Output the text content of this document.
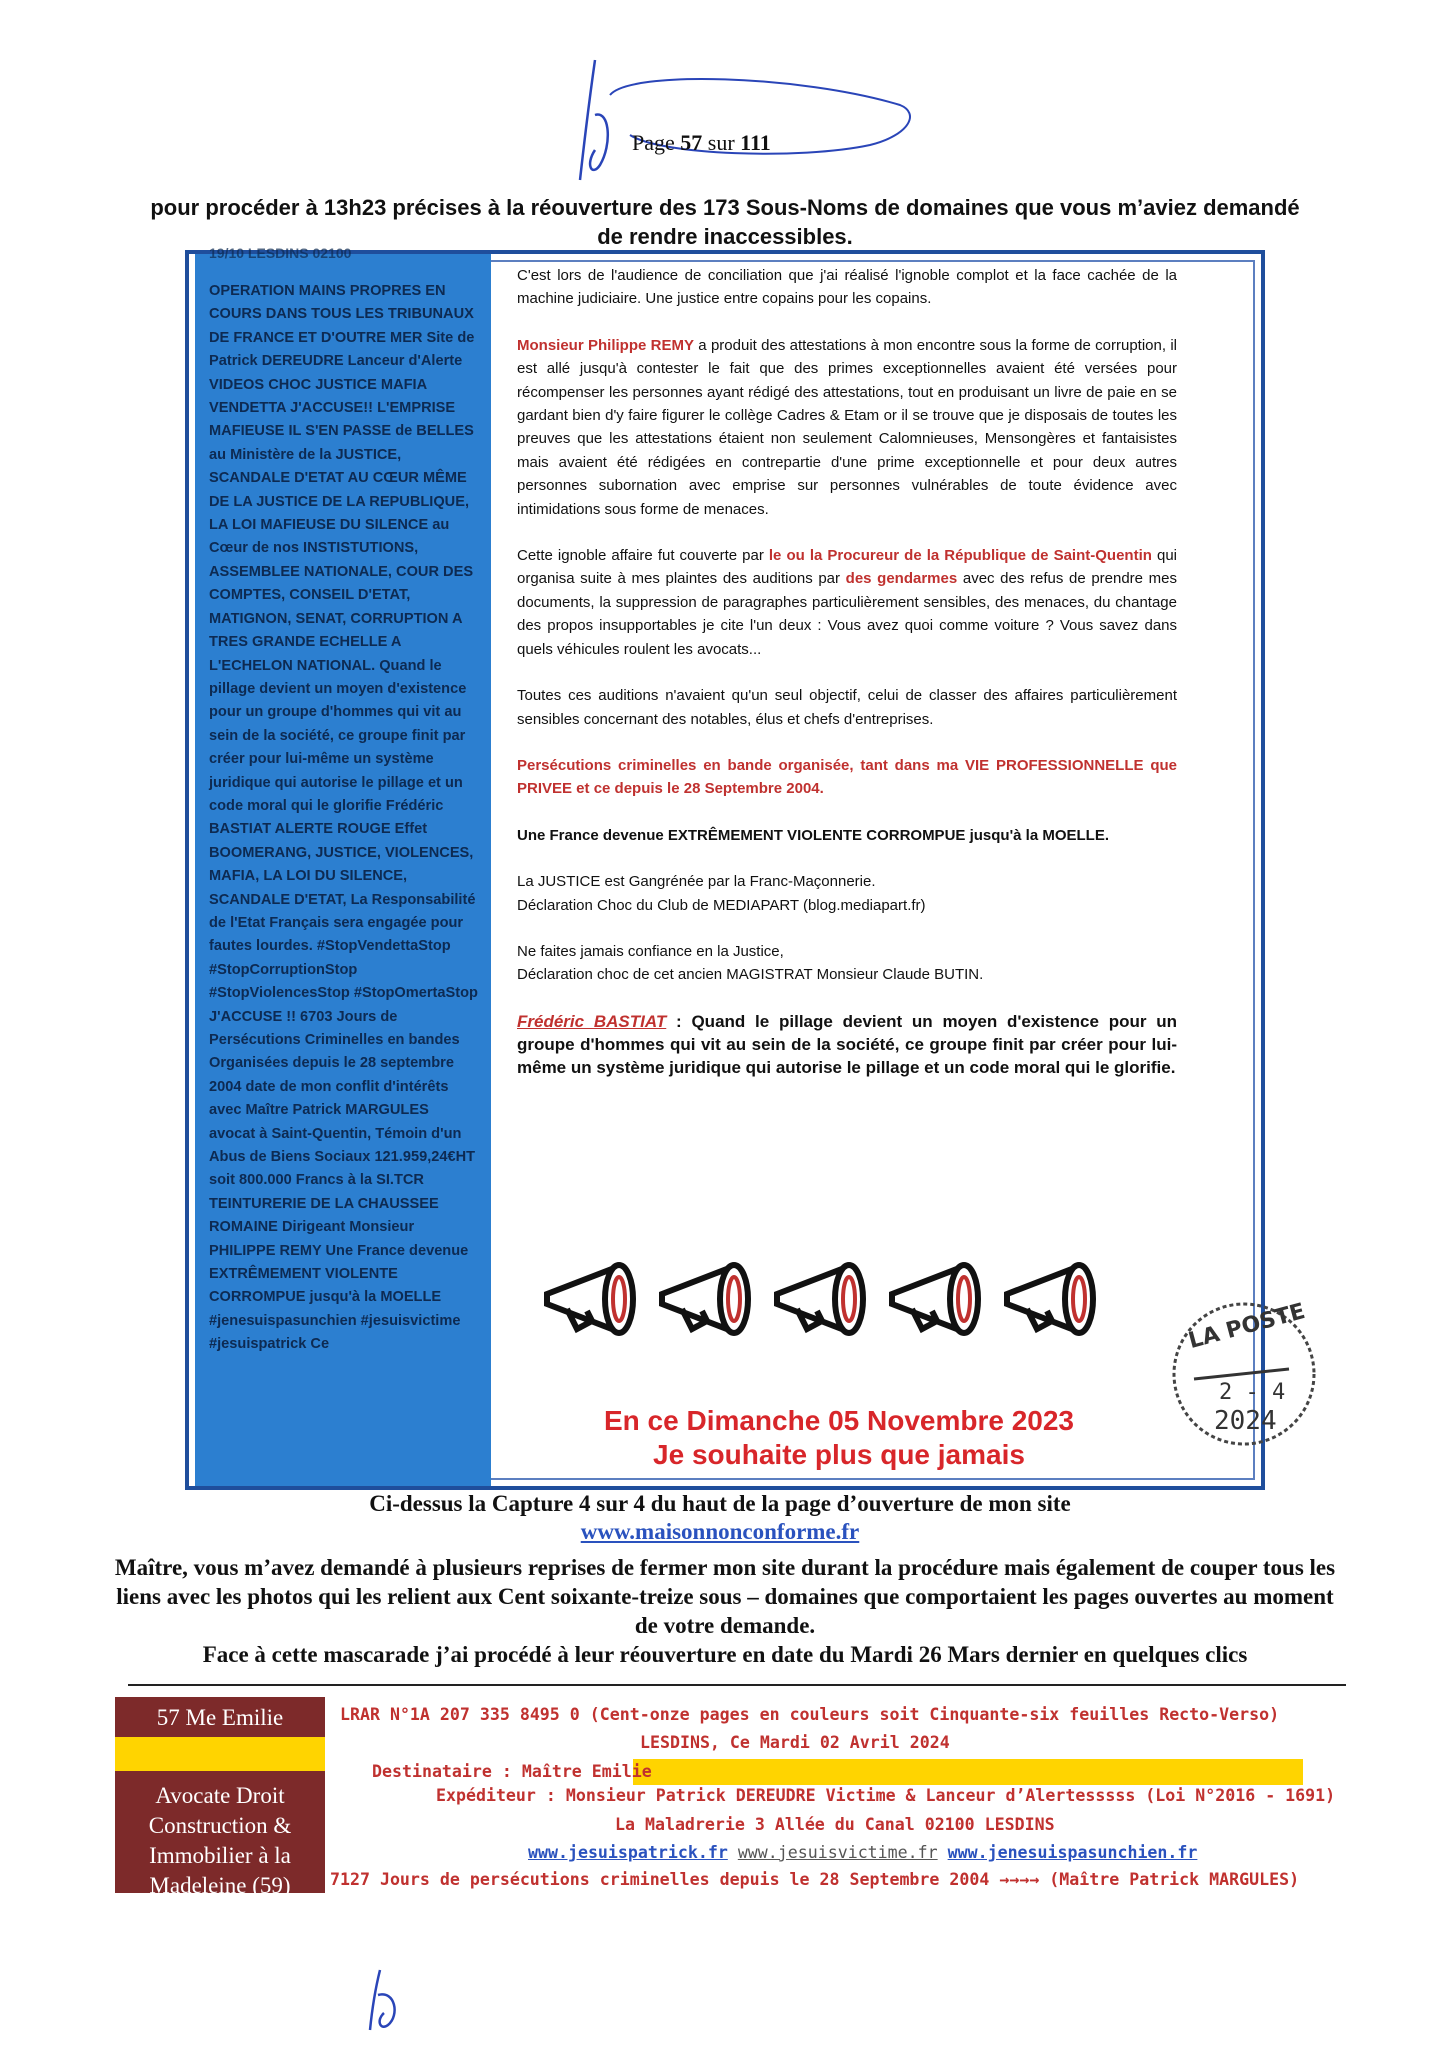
Page 57 sur 111
pour procéder à 13h23 précises à la réouverture des 173 Sous-Noms de domaines que vous m’aviez demandé de rendre inaccessibles.
19/10 LESDINS 02100
OPERATION MAINS PROPRES EN COURS DANS TOUS LES TRIBUNAUX DE FRANCE ET D'OUTRE MER Site de Patrick DEREUDRE Lanceur d'Alerte VIDEOS CHOC JUSTICE MAFIA VENDETTA J'ACCUSE!! L'EMPRISE MAFIEUSE IL S'EN PASSE de BELLES au Ministère de la JUSTICE, SCANDALE D'ETAT AU CŒUR MÊME DE LA JUSTICE DE LA REPUBLIQUE, LA LOI MAFIEUSE DU SILENCE au Cœur de nos INSTISTUTIONS, ASSEMBLEE NATIONALE, COUR DES COMPTES, CONSEIL D'ETAT, MATIGNON, SENAT, CORRUPTION A TRES GRANDE ECHELLE A L'ECHELON NATIONAL. Quand le pillage devient un moyen d'existence pour un groupe d'hommes qui vit au sein de la société, ce groupe finit par créer pour lui-même un système juridique qui autorise le pillage et un code moral qui le glorifie Frédéric BASTIAT ALERTE ROUGE Effet BOOMERANG, JUSTICE, VIOLENCES, MAFIA, LA LOI DU SILENCE, SCANDALE D'ETAT, La Responsabilité de l'Etat Français sera engagée pour fautes lourdes. #StopVendettaStop #StopCorruptionStop #StopViolencesStop #StopOmertaStop J'ACCUSE !! 6703 Jours de Persécutions Criminelles en bandes Organisées depuis le 28 septembre 2004 date de mon conflit d'intérêts avec Maître Patrick MARGULES avocat à Saint-Quentin, Témoin d'un Abus de Biens Sociaux 121.959,24€HT soit 800.000 Francs à la SI.TCR TEINTURERIE DE LA CHAUSSEE ROMAINE Dirigeant Monsieur PHILIPPE REMY Une France devenue EXTRÊMEMENT VIOLENTE CORROMPUE jusqu'à la MOELLE #jenesuispasunchien #jesuisvictime #jesuispatrick Ce

C'est lors de l'audience de conciliation que j'ai réalisé l'ignoble complot et la face cachée de la machine judiciaire. Une justice entre copains pour les copains.

Monsieur Philippe REMY a produit des attestations à mon encontre sous la forme de corruption, il est allé jusqu'à contester le fait que des primes exceptionnelles avaient été versées pour récompenser les personnes ayant rédigé des attestations, tout en produisant un livre de paie en se gardant bien d'y faire figurer le collège Cadres & Etam or il se trouve que je disposais de toutes les preuves que les attestations étaient non seulement Calomnieuses, Mensongères et fantaisistes mais avaient été rédigées en contrepartie d'une prime exceptionnelle et pour deux autres personnes subornation avec emprise sur personnes vulnérables de toute évidence avec intimidations sous forme de menaces.

Cette ignoble affaire fut couverte par le ou la Procureur de la République de Saint-Quentin qui organisa suite à mes plaintes des auditions par des gendarmes avec des refus de prendre mes documents, la suppression de paragraphes particulièrement sensibles, des menaces, du chantage des propos insupportables je cite l'un deux : Vous avez quoi comme voiture ? Vous savez dans quels véhicules roulent les avocats...

Toutes ces auditions n'avaient qu'un seul objectif, celui de classer des affaires particulièrement sensibles concernant des notables, élus et chefs d'entreprises.

Persécutions criminelles en bande organisée, tant dans ma VIE PROFESSIONNELLE que PRIVEE et ce depuis le 28 Septembre 2004.

Une France devenue EXTRÊMEMENT VIOLENTE CORROMPUE jusqu'à la MOELLE.

La JUSTICE est Gangrénée par la Franc-Maçonnerie.
Déclaration Choc du Club de MEDIAPART (blog.mediapart.fr)

Ne faites jamais confiance en la Justice,
Déclaration choc de cet ancien MAGISTRAT Monsieur Claude BUTIN.

Frédéric BASTIAT : Quand le pillage devient un moyen d'existence pour un groupe d'hommes qui vit au sein de la société, ce groupe finit par créer pour lui-même un système juridique qui autorise le pillage et un code moral qui le glorifie.

En ce Dimanche 05 Novembre 2023
Je souhaite plus que jamais
LA POSTE
2 - 4
2024
Ci-dessus la Capture 4 sur 4 du haut de la page d’ouverture de mon site
www.maisonnonconforme.fr
Maître, vous m’avez demandé à plusieurs reprises de fermer mon site durant la procédure mais également de couper tous les liens avec les photos qui les relient aux Cent soixante-treize sous – domaines que comportaient les pages ouvertes au moment de votre demande.
Face à cette mascarade j’ai procédé à leur réouverture en date du Mardi 26 Mars dernier en quelques clics
57 Me Emilie
Avocate Droit Construction & Immobilier à la Madeleine (59)
LRAR N°1A 207 335 8495 0 (Cent-onze pages en couleurs soit Cinquante-six feuilles Recto-Verso)
LESDINS, Ce Mardi 02 Avril 2024
Destinataire : Maître Emilie
Expéditeur : Monsieur Patrick DEREUDRE Victime & Lanceur d’Alertesssss (Loi N°2016 - 1691)
La Maladrerie 3 Allée du Canal 02100 LESDINS
www.jesuispatrick.fr www.jesuisvictime.fr www.jenesuispasunchien.fr
7127 Jours de persécutions criminelles depuis le 28 Septembre 2004 →→→→ (Maître Patrick MARGULES)
